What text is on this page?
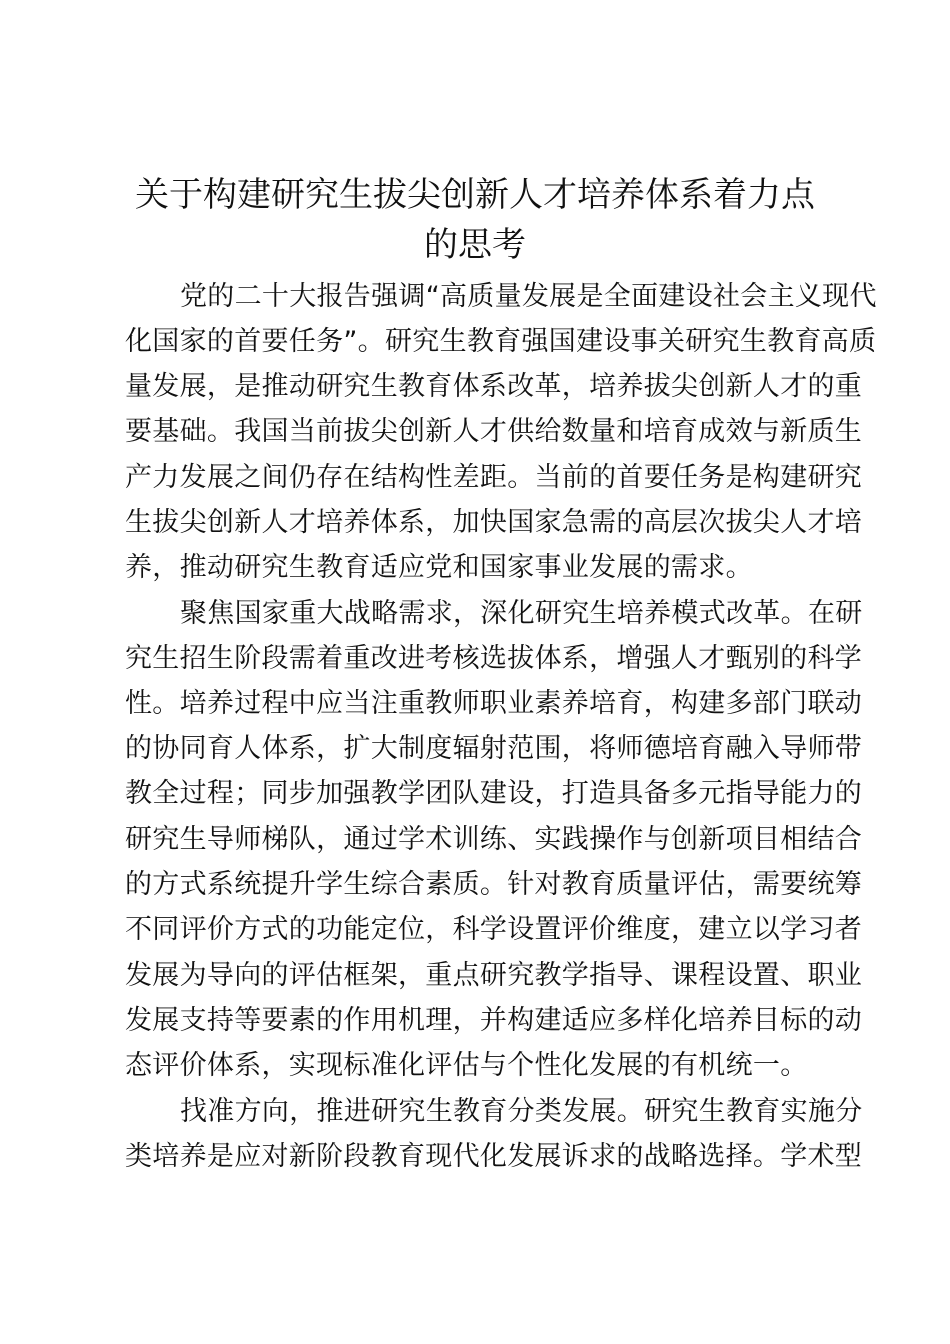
关于构建研究生拔尖创新人才培养体系着力点
的思考
党的二十大报告强调“高质量发展是全面建设社会主义现代
化国家的首要任务”。研究生教育强国建设事关研究生教育高质
量发展，是推动研究生教育体系改革，培养拔尖创新人才的重
要基础。我国当前拔尖创新人才供给数量和培育成效与新质生
产力发展之间仍存在结构性差距。当前的首要任务是构建研究
生拔尖创新人才培养体系，加快国家急需的高层次拔尖人才培
养，推动研究生教育适应党和国家事业发展的需求。
聚焦国家重大战略需求，深化研究生培养模式改革。在研
究生招生阶段需着重改进考核选拔体系，增强人才甄别的科学
性。培养过程中应当注重教师职业素养培育，构建多部门联动
的协同育人体系，扩大制度辐射范围，将师德培育融入导师带
教全过程；同步加强教学团队建设，打造具备多元指导能力的
研究生导师梯队，通过学术训练、实践操作与创新项目相结合
的方式系统提升学生综合素质。针对教育质量评估，需要统筹
不同评价方式的功能定位，科学设置评价维度，建立以学习者
发展为导向的评估框架，重点研究教学指导、课程设置、职业
发展支持等要素的作用机理，并构建适应多样化培养目标的动
态评价体系，实现标准化评估与个性化发展的有机统一。
找准方向，推进研究生教育分类发展。研究生教育实施分
类培养是应对新阶段教育现代化发展诉求的战略选择。学术型
